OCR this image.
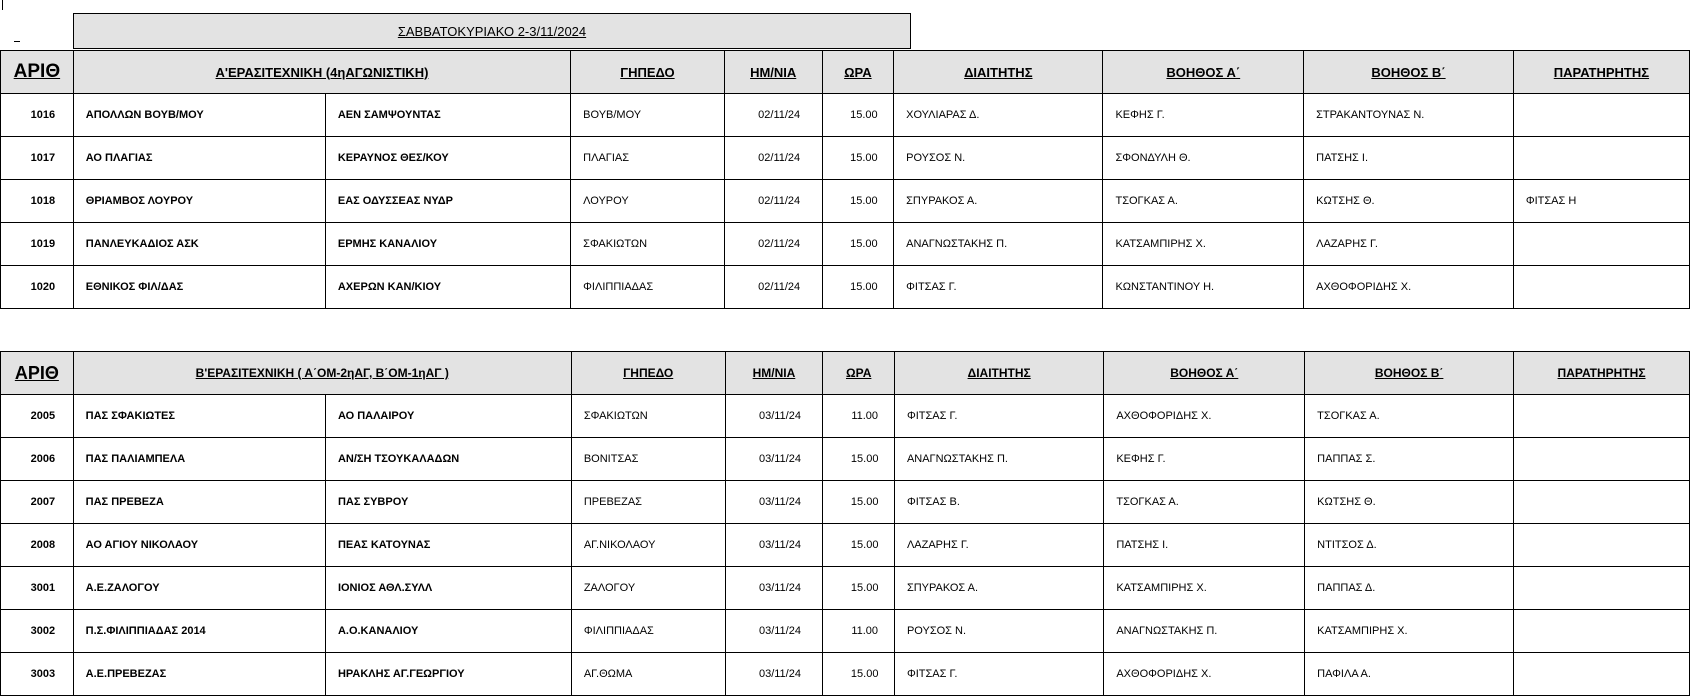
ΣΑΒΒΑΤΟΚΥΡΙΑΚΟ 2-3/11/2024
ΑΡΙΘ	Α'ΕΡΑΣΙΤΕΧΝΙΚΗ (4ηΑΓΩΝΙΣΤΙΚΗ)		ΓΗΠΕΔΟ	ΗΜ/ΝΙΑ	ΩΡΑ	ΔΙΑΙΤΗΤΗΣ	ΒΟΗΘΟΣ Α΄	ΒΟΗΘΟΣ Β΄	ΠΑΡΑΤΗΡΗΤΗΣ
1016	ΑΠΟΛΛΩΝ ΒΟΥΒ/ΜΟΥ	ΑΕΝ ΣΑΜΨΟΥΝΤΑΣ	ΒΟΥΒ/ΜΟΥ	02/11/24	15.00	ΧΟΥΛΙΑΡΑΣ Δ.	ΚΕΦΗΣ Γ.	ΣΤΡΑΚΑΝΤΟΥΝΑΣ Ν.	
1017	ΑΟ ΠΛΑΓΙΑΣ	ΚΕΡΑΥΝΟΣ ΘΕΣ/ΚΟΥ	ΠΛΑΓΙΑΣ	02/11/24	15.00	ΡΟΥΣΟΣ Ν.	ΣΦΟΝΔΥΛΗ Θ.	ΠΑΤΣΗΣ Ι.	
1018	ΘΡΙΑΜΒΟΣ ΛΟΥΡΟΥ	ΕΑΣ ΟΔΥΣΣΕΑΣ ΝΥΔΡ	ΛΟΥΡΟΥ	02/11/24	15.00	ΣΠΥΡΑΚΟΣ Α.	ΤΣΟΓΚΑΣ Α.	ΚΩΤΣΗΣ Θ.	ΦΙΤΣΑΣ Η
1019	ΠΑΝΛΕΥΚΑΔΙΟΣ ΑΣΚ	ΕΡΜΗΣ ΚΑΝΑΛΙΟΥ	ΣΦΑΚΙΩΤΩΝ	02/11/24	15.00	ΑΝΑΓΝΩΣΤΑΚΗΣ Π.	ΚΑΤΣΑΜΠΙΡΗΣ Χ.	ΛΑΖΑΡΗΣ Γ.	
1020	ΕΘΝΙΚΟΣ ΦΙΛ/ΔΑΣ	ΑΧΕΡΩΝ ΚΑΝ/ΚΙΟΥ	ΦΙΛΙΠΠΙΑΔΑΣ	02/11/24	15.00	ΦΙΤΣΑΣ Γ.	ΚΩΝΣΤΑΝΤΙΝΟΥ Η.	ΑΧΘΟΦΟΡΙΔΗΣ Χ.	
ΑΡΙΘ	Β'ΕΡΑΣΙΤΕΧΝΙΚΗ ( Α΄ΟΜ-2ηΑΓ, Β΄ΟΜ-1ηΑΓ )		ΓΗΠΕΔΟ	ΗΜ/ΝΙΑ	ΩΡΑ	ΔΙΑΙΤΗΤΗΣ	ΒΟΗΘΟΣ Α΄	ΒΟΗΘΟΣ Β΄	ΠΑΡΑΤΗΡΗΤΗΣ
2005	ΠΑΣ ΣΦΑΚΙΩΤΕΣ	ΑΟ ΠΑΛΑΙΡΟΥ	ΣΦΑΚΙΩΤΩΝ	03/11/24	11.00	ΦΙΤΣΑΣ Γ.	ΑΧΘΟΦΟΡΙΔΗΣ Χ.	ΤΣΟΓΚΑΣ Α.	
2006	ΠΑΣ ΠΑΛΙΑΜΠΕΛΑ	ΑΝ/ΣΗ ΤΣΟΥΚΑΛΑΔΩΝ	ΒΟΝΙΤΣΑΣ	03/11/24	15.00	ΑΝΑΓΝΩΣΤΑΚΗΣ Π.	ΚΕΦΗΣ Γ.	ΠΑΠΠΑΣ Σ.	
2007	ΠΑΣ ΠΡΕΒΕΖΑ	ΠΑΣ ΣΥΒΡΟΥ	ΠΡΕΒΕΖΑΣ	03/11/24	15.00	ΦΙΤΣΑΣ Β.	ΤΣΟΓΚΑΣ Α.	ΚΩΤΣΗΣ Θ.	
2008	ΑΟ ΑΓΙΟΥ ΝΙΚΟΛΑΟΥ	ΠΕΑΣ ΚΑΤΟΥΝΑΣ	ΑΓ.ΝΙΚΟΛΑΟΥ	03/11/24	15.00	ΛΑΖΑΡΗΣ Γ.	ΠΑΤΣΗΣ Ι.	ΝΤΙΤΣΟΣ Δ.	
3001	Α.Ε.ΖΑΛΟΓΟΥ	ΙΟΝΙΟΣ ΑΘΛ.ΣΥΛΛ	ΖΑΛΟΓΟΥ	03/11/24	15.00	ΣΠΥΡΑΚΟΣ Α.	ΚΑΤΣΑΜΠΙΡΗΣ Χ.	ΠΑΠΠΑΣ Δ.	
3002	Π.Σ.ΦΙΛΙΠΠΙΑΔΑΣ 2014	Α.Ο.ΚΑΝΑΛΙΟΥ	ΦΙΛΙΠΠΙΑΔΑΣ	03/11/24	11.00	ΡΟΥΣΟΣ Ν.	ΑΝΑΓΝΩΣΤΑΚΗΣ Π.	ΚΑΤΣΑΜΠΙΡΗΣ Χ.	
3003	Α.Ε.ΠΡΕΒΕΖΑΣ	ΗΡΑΚΛΗΣ ΑΓ.ΓΕΩΡΓΙΟΥ	ΑΓ.ΘΩΜΑ	03/11/24	15.00	ΦΙΤΣΑΣ Γ.	ΑΧΘΟΦΟΡΙΔΗΣ Χ.	ΠΑΦΙΛΑ Α.	
